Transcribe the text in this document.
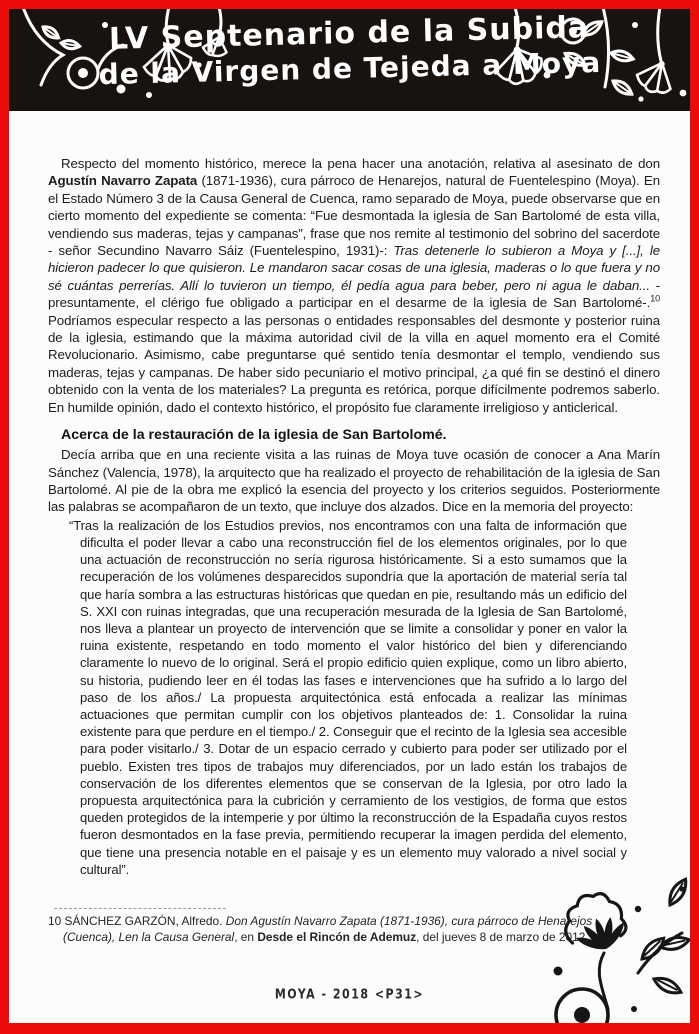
LV Septenario de la Subida
de la Virgen de Tejeda a Moya

Respecto del momento histórico, merece la pena hacer una anotación, relativa al asesinato de don Agustín Navarro Zapata (1871-1936), cura párroco de Henarejos, natural de Fuentelespino (Moya). En el Estado Número 3 de la Causa General de Cuenca, ramo separado de Moya, puede observarse que en cierto momento del expediente se comenta: “Fue desmontada la iglesia de San Bartolomé de esta villa, vendiendo sus maderas, tejas y campanas”, frase que nos remite al testimonio del sobrino del sacerdote - señor Secundino Navarro Sáiz (Fuentelespino, 1931)-: Tras detenerle lo subieron a Moya y [...], le hicieron padecer lo que quisieron. Le mandaron sacar cosas de una iglesia, maderas o lo que fuera y no sé cuántas perrerías. Allí lo tuvieron un tiempo, él pedía agua para beber, pero ni agua le daban... - presuntamente, el clérigo fue obligado a participar en el desarme de la iglesia de San Bartolomé-.$^{10}$ Podríamos especular respecto a las personas o entidades responsables del desmonte y posterior ruina de la iglesia, estimando que la máxima autoridad civil de la villa en aquel momento era el Comité Revolucionario. Asimismo, cabe preguntarse qué sentido tenía desmontar el templo, vendiendo sus maderas, tejas y campanas. De haber sido pecuniario el motivo principal, ¿a qué fin se destinó el dinero obtenido con la venta de los materiales? La pregunta es retórica, porque difícilmente podremos saberlo. En humilde opinión, dado el contexto histórico, el propósito fue claramente irreligioso y anticlerical.

Acerca de la restauración de la iglesia de San Bartolomé.

Decía arriba que en una reciente visita a las ruinas de Moya tuve ocasión de conocer a Ana Marín Sánchez (Valencia, 1978), la arquitecto que ha realizado el proyecto de rehabilitación de la iglesia de San Bartolomé. Al pie de la obra me explicó la esencia del proyecto y los criterios seguidos. Posteriormente las palabras se acompañaron de un texto, que incluye dos alzados. Dice en la memoria del proyecto:

“Tras la realización de los Estudios previos, nos encontramos con una falta de información que dificulta el poder llevar a cabo una reconstrucción fiel de los elementos originales, por lo que una actuación de reconstrucción no sería rigurosa históricamente. Si a esto sumamos que la recuperación de los volúmenes desparecidos supondría que la aportación de material sería tal que haría sombra a las estructuras históricas que quedan en pie, resultando más un edificio del S. XXI con ruinas integradas, que una recuperación mesurada de la Iglesia de San Bartolomé, nos lleva a plantear un proyecto de intervención que se limite a consolidar y poner en valor la ruina existente, respetando en todo momento el valor histórico del bien y diferenciando claramente lo nuevo de lo original. Será el propio edificio quien explique, como un libro abierto, su historia, pudiendo leer en él todas las fases e intervenciones que ha sufrido a lo largo del paso de los años./ La propuesta arquitectónica está enfocada a realizar las mínimas actuaciones que permitan cumplir con los objetivos planteados de: 1. Consolidar la ruina existente para que perdure en el tiempo./ 2. Conseguir que el recinto de la Iglesia sea accesible para poder visitarlo./ 3. Dotar de un espacio cerrado y cubierto para poder ser utilizado por el pueblo. Existen tres tipos de trabajos muy diferenciados, por un lado están los trabajos de conservación de los diferentes elementos que se conservan de la Iglesia, por otro lado la propuesta arquitectónica para la cubrición y cerramiento de los vestigios, de forma que estos queden protegidos de la intemperie y por último la reconstrucción de la Espadaña cuyos restos fueron desmontados en la fase previa, permitiendo recuperar la imagen perdida del elemento, que tiene una presencia notable en el paisaje y es un elemento muy valorado a nivel social y cultural”.
10 SÁNCHEZ GARZÓN, Alfredo. Don Agustín Navarro Zapata (1871-1936), cura párroco de Henarejos (Cuenca), Len la Causa General, en Desde el Rincón de Ademuz, del jueves 8 de marzo de 2012.
MOYA - 2018 <P31>
